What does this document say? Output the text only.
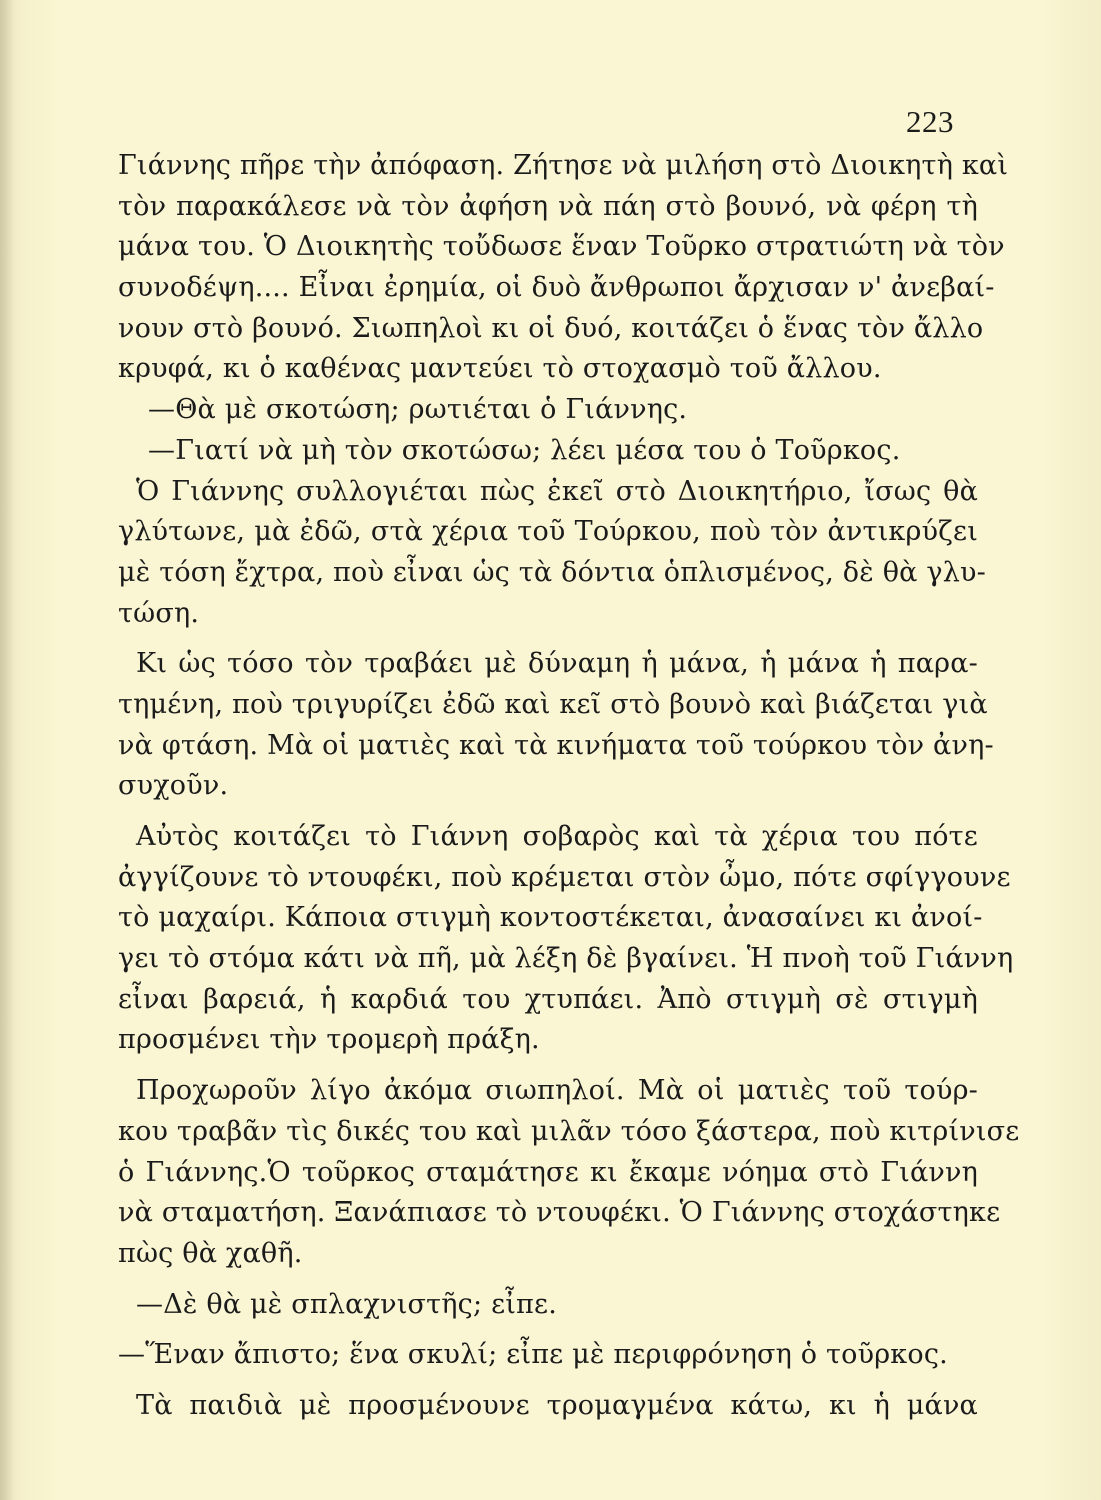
223
Γιάννης πῆρε τὴν ἀπόφαση. Ζήτησε νὰ μιλήση στὸ Διοικητὴ καὶ
τὸν παρακάλεσε νὰ τὸν ἀφήση νὰ πάη στὸ βουνό, νὰ φέρη τὴ
μάνα του. Ὁ Διοικητὴς τοὔδωσε ἕναν Τοῦρκο στρατιώτη νὰ τὸν
συνοδέψη.... Εἶναι ἐρημία, οἱ δυὸ ἄνθρωποι ἄρχισαν ν' ἀνεβαί-
νουν στὸ βουνό. Σιωπηλοὶ κι οἱ δυό, κοιτάζει ὁ ἕνας τὸν ἄλλο
κρυφά, κι ὁ καθένας μαντεύει τὸ στοχασμὸ τοῦ ἄλλου.
—Θὰ μὲ σκοτώση; ρωτιέται ὁ Γιάννης.
—Γιατί νὰ μὴ τὸν σκοτώσω; λέει μέσα του ὁ Τοῦρκος.
Ὁ Γιάννης συλλογιέται πὼς ἐκεῖ στὸ Διοικητήριο, ἴσως θὰ
γλύτωνε, μὰ ἐδῶ, στὰ χέρια τοῦ Τούρκου, ποὺ τὸν ἀντικρύζει
μὲ τόση ἔχτρα, ποὺ εἶναι ὡς τὰ δόντια ὁπλισμένος, δὲ θὰ γλυ-
τώση.
Κι ὡς τόσο τὸν τραβάει μὲ δύναμη ἡ μάνα, ἡ μάνα ἡ παρα-
τημένη, ποὺ τριγυρίζει ἐδῶ καὶ κεῖ στὸ βουνὸ καὶ βιάζεται γιὰ
νὰ φτάση. Μὰ οἱ ματιὲς καὶ τὰ κινήματα τοῦ τούρκου τὸν ἀνη-
συχοῦν.
Αὐτὸς κοιτάζει τὸ Γιάννη σοβαρὸς καὶ τὰ χέρια του πότε
ἀγγίζουνε τὸ ντουφέκι, ποὺ κρέμεται στὸν ὦμο, πότε σφίγγουνε
τὸ μαχαίρι. Κάποια στιγμὴ κοντοστέκεται, ἀνασαίνει κι ἀνοί-
γει τὸ στόμα κάτι νὰ πῆ, μὰ λέξη δὲ βγαίνει. Ἡ πνοὴ τοῦ Γιάννη
εἶναι βαρειά, ἡ καρδιά του χτυπάει. Ἀπὸ στιγμὴ σὲ στιγμὴ
προσμένει τὴν τρομερὴ πράξη.
Προχωροῦν λίγο ἀκόμα σιωπηλοί. Μὰ οἱ ματιὲς τοῦ τούρ-
κου τραβᾶν τὶς δικές του καὶ μιλᾶν τόσο ξάστερα, ποὺ κιτρίνισε
ὁ Γιάννης.Ὁ τοῦρκος σταμάτησε κι ἔκαμε νόημα στὸ Γιάννη
νὰ σταματήση. Ξανάπιασε τὸ ντουφέκι. Ὁ Γιάννης στοχάστηκε
πὼς θὰ χαθῆ.
—Δὲ θὰ μὲ σπλαχνιστῆς; εἶπε.
—Ἕναν ἄπιστο; ἕνα σκυλί; εἶπε μὲ περιφρόνηση ὁ τοῦρκος.
Τὰ παιδιὰ μὲ προσμένουνε τρομαγμένα κάτω, κι ἡ μάνα
